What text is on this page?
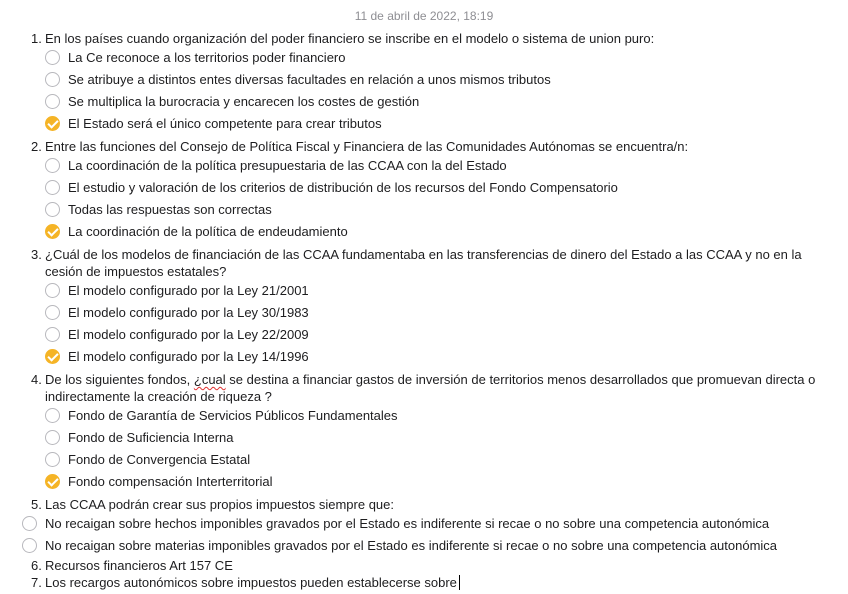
11 de abril de 2022, 18:19
1. En los países cuando organización del poder financiero se inscribe en el modelo o sistema de union puro:
La Ce reconoce a los territorios poder financiero
Se atribuye a distintos entes diversas facultades en relación a unos mismos tributos
Se multiplica la burocracia y encarecen los costes de gestión
El Estado será el único competente para crear tributos
2. Entre las funciones del Consejo de Política Fiscal y Financiera de las Comunidades Autónomas se encuentra/n:
La coordinación de la política presupuestaria de las CCAA con la del Estado
El estudio y valoración de los criterios de distribución de los recursos del Fondo Compensatorio
Todas las respuestas son correctas
La coordinación de la política de endeudamiento
3. ¿Cuál de los modelos de financiación de las CCAA fundamentaba en las transferencias de dinero del Estado a las CCAA y no en la cesión de impuestos estatales?
El modelo configurado por la Ley 21/2001
El modelo configurado por la Ley 30/1983
El modelo configurado por la Ley 22/2009
El modelo configurado por la Ley 14/1996
4. De los siguientes fondos, ¿cual se destina a financiar gastos de inversión de territorios menos desarrollados que promuevan directa o indirectamente la creación de riqueza ?
Fondo de Garantía de Servicios Públicos Fundamentales
Fondo de Suficiencia Interna
Fondo de Convergencia Estatal
Fondo compensación Interterritorial
5. Las CCAA podrán crear sus propios impuestos siempre que:
No recaigan sobre hechos imponibles gravados por el Estado es indiferente si recae o no sobre una competencia autonómica
No recaigan sobre materias imponibles gravados por el Estado es indiferente si recae o no sobre una competencia autonómica
6. Recursos financieros Art 157 CE
7. Los recargos autonómicos sobre impuestos pueden establecerse sobre
